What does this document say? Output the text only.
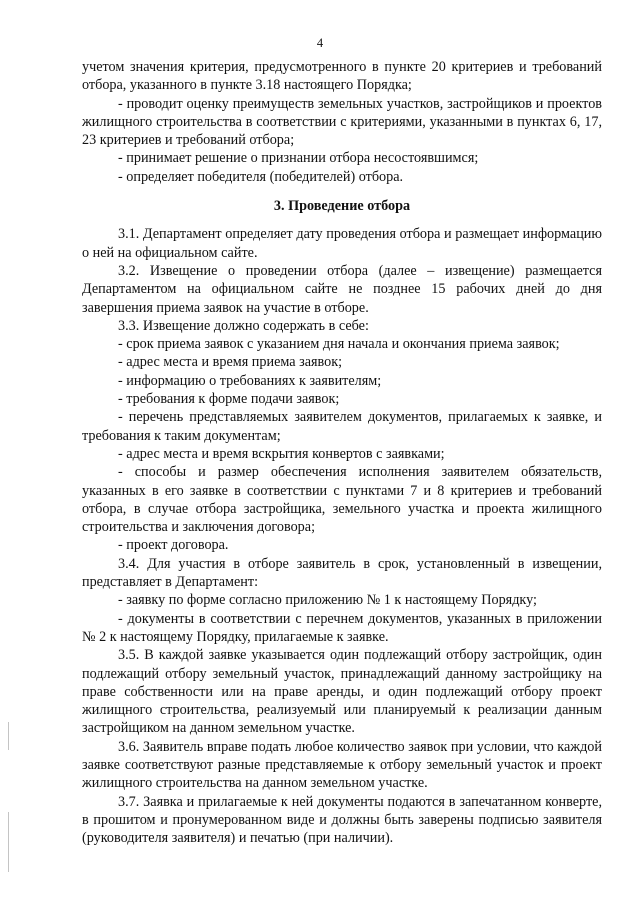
4

учетом значения критерия, предусмотренного в пункте 20 критериев и требований отбора, указанного в пункте 3.18 настоящего Порядка;

- проводит оценку преимуществ земельных участков, застройщиков и проектов жилищного строительства в соответствии с критериями, указанными в пунктах 6, 17, 23 критериев и требований отбора;

- принимает решение о признании отбора несостоявшимся;

- определяет победителя (победителей) отбора.

3. Проведение отбора

3.1. Департамент определяет дату проведения отбора и размещает информацию о ней на официальном сайте.

3.2. Извещение о проведении отбора (далее – извещение) размещается Департаментом на официальном сайте не позднее 15 рабочих дней до дня завершения приема заявок на участие в отборе.

3.3. Извещение должно содержать в себе:

- срок приема заявок с указанием дня начала и окончания приема заявок;

- адрес места и время приема заявок;

- информацию о требованиях к заявителям;

- требования к форме подачи заявок;

- перечень представляемых заявителем документов, прилагаемых к заявке, и требования к таким документам;

- адрес места и время вскрытия конвертов с заявками;

- способы и размер обеспечения исполнения заявителем обязательств, указанных в его заявке в соответствии с пунктами 7 и 8 критериев и требований отбора, в случае отбора застройщика, земельного участка и проекта жилищного строительства и заключения договора;

- проект договора.

3.4. Для участия в отборе заявитель в срок, установленный в извещении, представляет в Департамент:

- заявку по форме согласно приложению № 1 к настоящему Порядку;

- документы в соответствии с перечнем документов, указанных в приложении № 2 к настоящему Порядку, прилагаемые к заявке.

3.5. В каждой заявке указывается один подлежащий отбору застройщик, один подлежащий отбору земельный участок, принадлежащий данному застройщику на праве собственности или на праве аренды, и один подлежащий отбору проект жилищного строительства, реализуемый или планируемый к реализации данным застройщиком на данном земельном участке.

3.6. Заявитель вправе подать любое количество заявок при условии, что каждой заявке соответствуют разные представляемые к отбору земельный участок и проект жилищного строительства на данном земельном участке.

3.7. Заявка и прилагаемые к ней документы подаются в запечатанном конверте, в прошитом и пронумерованном виде и должны быть заверены подписью заявителя (руководителя заявителя) и печатью (при наличии).
